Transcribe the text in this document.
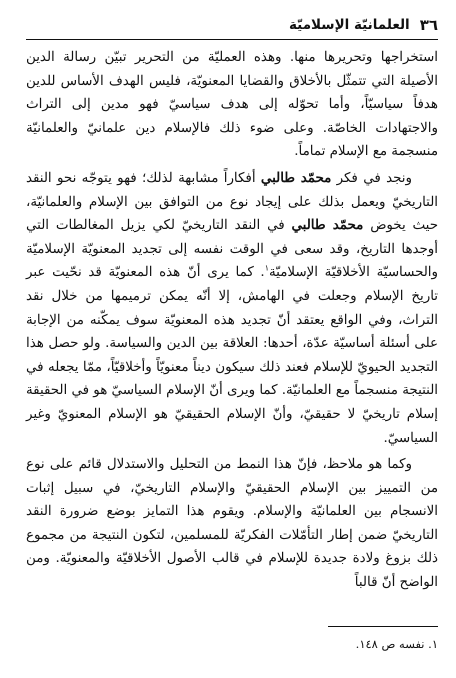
٣٦
العلمانيّة الإسلاميّة

استخراجها وتحريرها منها. وهذه العمليّة من التحرير تبيّن رسالة الدين الأصيلة التي تتمثّل بالأخلاق والقضايا المعنويّة، فليس الهدف الأساس للدين هدفاً سياسيّاً، وأما تحوّله إلى هدف سياسيّ فهو مدين إلى التراث والاجتهادات الخاصّة. وعلى ضوء ذلك فالإسلام دين علمانيّ والعلمانيّة منسجمة مع الإسلام تماماً.

ونجد في فكر محمّد طالبي أفكاراً مشابهة لذلك؛ فهو يتوجّه نحو النقد التاريخيّ ويعمل بذلك على إيجاد نوع من التوافق بين الإسلام والعلمانيّة، حيث يخوض محمّد طالبي في النقد التاريخيّ لكي يزيل المغالطات التي أوجدها التاريخ، وقد سعى في الوقت نفسه إلى تجديد المعنويّة الإسلاميّة والحساسيّة الأخلاقيّة الإسلاميّة$^١$. كما يرى أنّ هذه المعنويّة قد نحّيت عبر تاريخ الإسلام وجعلت في الهامش، إلا أنّه يمكن ترميمها من خلال نقد التراث، وفي الواقع يعتقد أنّ تجديد هذه المعنويّة سوف يمكّنه من الإجابة على أسئلة أساسيّة عدّة، أحدها: العلاقة بين الدين والسياسة. ولو حصل هذا التجديد الحيويّ للإسلام فعند ذلك سيكون ديناً معنويّاً وأخلاقيّاً، ممّا يجعله في النتيجة منسجماً مع العلمانيّة. كما ويرى أنّ الإسلام السياسيّ هو في الحقيقة إسلام تاريخيّ لا حقيقيّ، وأنّ الإسلام الحقيقيّ هو الإسلام المعنويّ وغير السياسيّ.

وكما هو ملاحظ، فإنّ هذا النمط من التحليل والاستدلال قائم على نوع من التمييز بين الإسلام الحقيقيّ والإسلام التاريخيّ، في سبيل إثبات الانسجام بين العلمانيّة والإسلام. ويقوم هذا التمايز بوضع ضرورة النقد التاريخيّ ضمن إطار التأمّلات الفكريّة للمسلمين، لتكون النتيجة من مجموع ذلك بزوغ ولادة جديدة للإسلام في قالب الأصول الأخلاقيّة والمعنويّة. ومن الواضح أنّ قالباً

١. نفسه ص ١٤٨.
